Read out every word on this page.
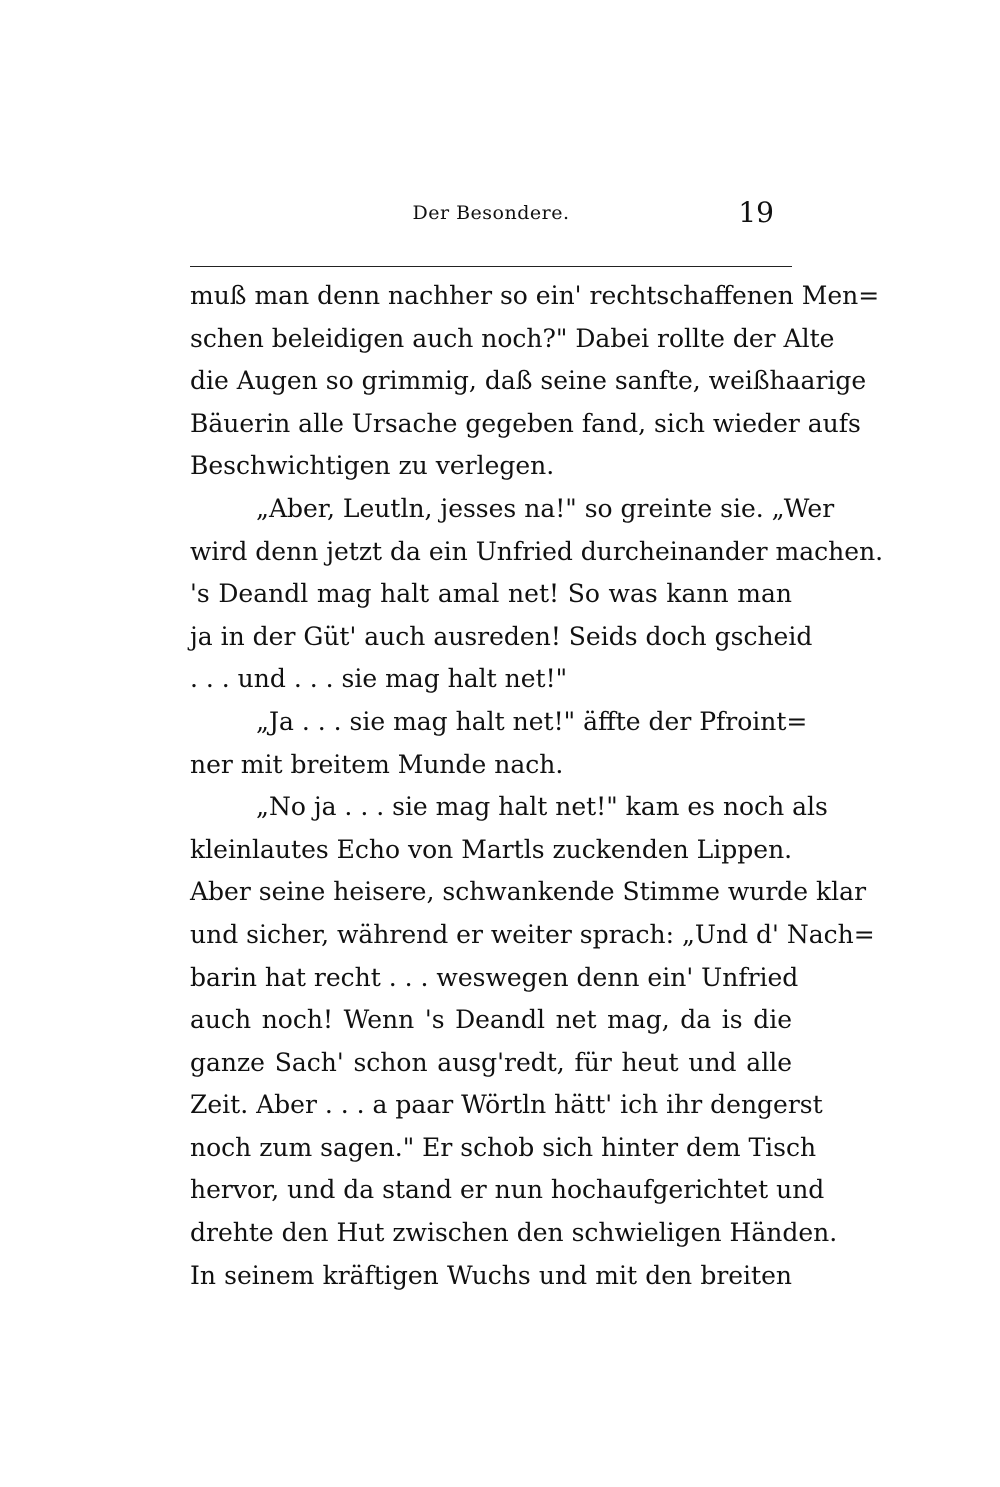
Der Besondere.	19
muß man denn nachher so ein' rechtschaffenen Men=
schen beleidigen auch noch?" Dabei rollte der Alte
die Augen so grimmig, daß seine sanfte, weißhaarige
Bäuerin alle Ursache gegeben fand, sich wieder aufs
Beschwichtigen zu verlegen.
„Aber, Leutln, jesses na!" so greinte sie. „Wer
wird denn jetzt da ein Unfried durcheinander machen.
's Deandl mag halt amal net! So was kann man
ja in der Güt' auch ausreden! Seids doch gscheid
. . . und . . . sie mag halt net!"
„Ja . . . sie mag halt net!" äffte der Pfroint=
ner mit breitem Munde nach.
„No ja . . . sie mag halt net!" kam es noch als
kleinlautes Echo von Martls zuckenden Lippen.
Aber seine heisere, schwankende Stimme wurde klar
und sicher, während er weiter sprach: „Und d' Nach=
barin hat recht . . . weswegen denn ein' Unfried
auch noch! Wenn 's Deandl net mag, da is die
ganze Sach' schon ausg'redt, für heut und alle
Zeit. Aber . . . a paar Wörtln hätt' ich ihr dengerst
noch zum sagen." Er schob sich hinter dem Tisch
hervor, und da stand er nun hochaufgerichtet und
drehte den Hut zwischen den schwieligen Händen.
In seinem kräftigen Wuchs und mit den breiten
